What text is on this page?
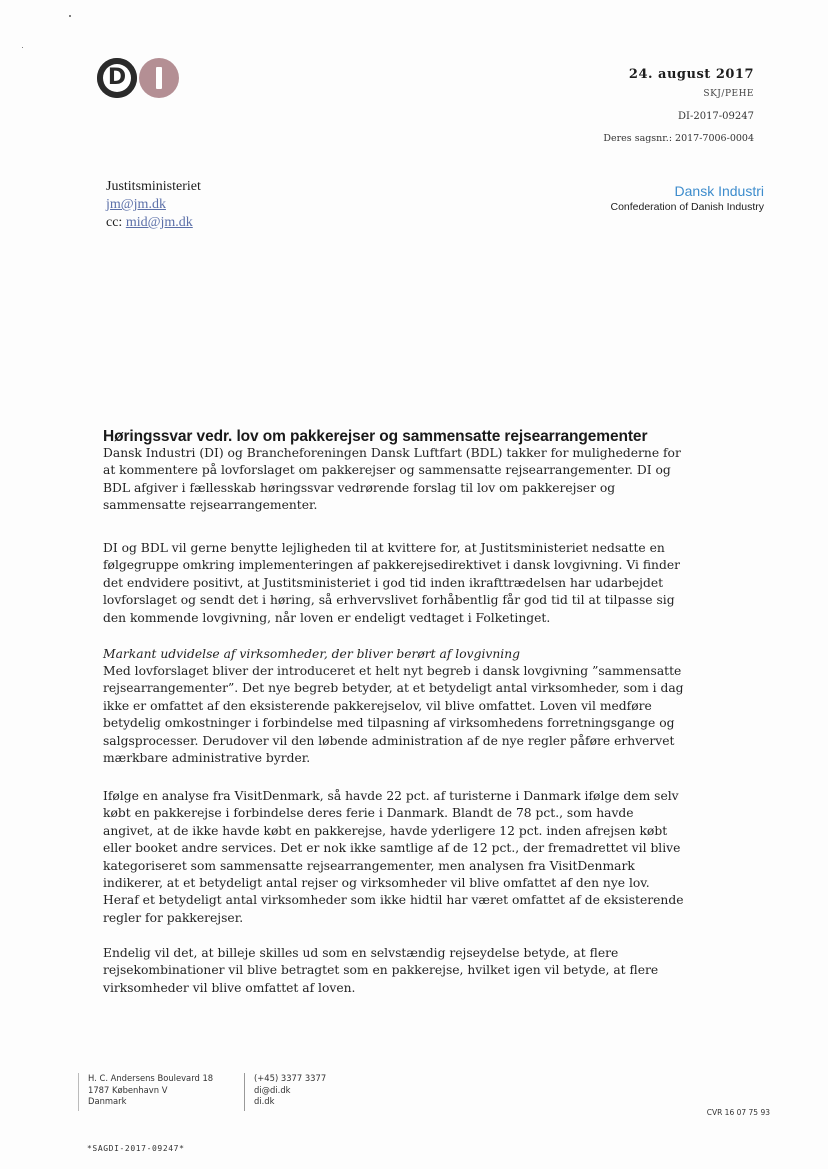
D	24. august 2017
SKJ/PEHE
DI-2017-09247
Deres sagsnr.: 2017-7006-0004
Justitsministeriet
jm@jm.dk
cc: mid@jm.dk
Dansk Industri
Confederation of Danish Industry
Høringssvar vedr. lov om pakkerejser og sammensatte rejsearrangementer

Dansk Industri (DI) og Brancheforeningen Dansk Luftfart (BDL) takker for mulighederne for at kommentere på lovforslaget om pakkerejser og sammensatte rejsearrangementer. DI og BDL afgiver i fællesskab høringssvar vedrørende forslag til lov om pakkerejser og sammensatte rejsearrangementer.

DI og BDL vil gerne benytte lejligheden til at kvittere for, at Justitsministeriet nedsatte en følgegruppe omkring implementeringen af pakkerejsedirektivet i dansk lovgivning. Vi finder det endvidere positivt, at Justitsministeriet i god tid inden ikrafttrædelsen har udarbejdet lovforslaget og sendt det i høring, så erhvervslivet forhåbentlig får god tid til at tilpasse sig den kommende lovgivning, når loven er endeligt vedtaget i Folketinget.

Markant udvidelse af virksomheder, der bliver berørt af lovgivning

Med lovforslaget bliver der introduceret et helt nyt begreb i dansk lovgivning ”sammensatte rejsearrangementer”. Det nye begreb betyder, at et betydeligt antal virksomheder, som i dag ikke er omfattet af den eksisterende pakkerejselov, vil blive omfattet. Loven vil medføre betydelig omkostninger i forbindelse med tilpasning af virksomhedens forretningsgange og salgsprocesser. Derudover vil den løbende administration af de nye regler påføre erhvervet mærkbare administrative byrder.

Ifølge en analyse fra VisitDenmark, så havde 22 pct. af turisterne i Danmark ifølge dem selv købt en pakkerejse i forbindelse deres ferie i Danmark. Blandt de 78 pct., som havde angivet, at de ikke havde købt en pakkerejse, havde yderligere 12 pct. inden afrejsen købt eller booket andre services. Det er nok ikke samtlige af de 12 pct., der fremadrettet vil blive kategoriseret som sammensatte rejsearrangementer, men analysen fra VisitDenmark indikerer, at et betydeligt antal rejser og virksomheder vil blive omfattet af den nye lov. Heraf et betydeligt antal virksomheder som ikke hidtil har været omfattet af de eksisterende regler for pakkerejser.

Endelig vil det, at billeje skilles ud som en selvstændig rejseydelse betyde, at flere rejsekombinationer vil blive betragtet som en pakkerejse, hvilket igen vil betyde, at flere virksomheder vil blive omfattet af loven.

H. C. Andersens Boulevard 18
1787 København V
Danmark
(+45) 3377 3377
di@di.dk
di.dk
CVR 16 07 75 93
*SAGDI-2017-09247*
